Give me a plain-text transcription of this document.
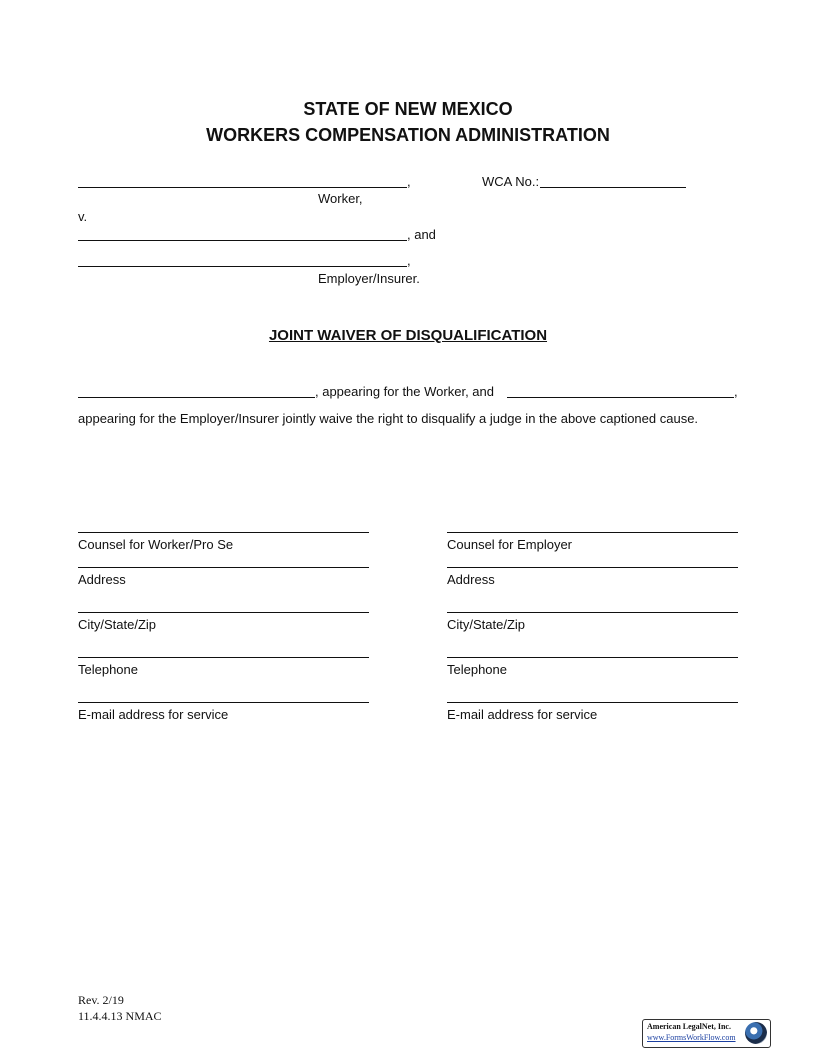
STATE OF NEW MEXICO
WORKERS COMPENSATION ADMINISTRATION
,	WCA No.:
Worker,
v.
, and
,
Employer/Insurer.
JOINT WAIVER OF DISQUALIFICATION
, appearing for the Worker, and	,
appearing for the Employer/Insurer jointly waive the right to disqualify a judge in the above captioned cause.
Counsel for Worker/Pro Se
Address
City/State/Zip
Telephone
E-mail address for service
Counsel for Employer
Address
City/State/Zip
Telephone
E-mail address for service
Rev. 2/19
11.4.4.13 NMAC
American LegalNet, Inc.
www.FormsWorkFlow.com
